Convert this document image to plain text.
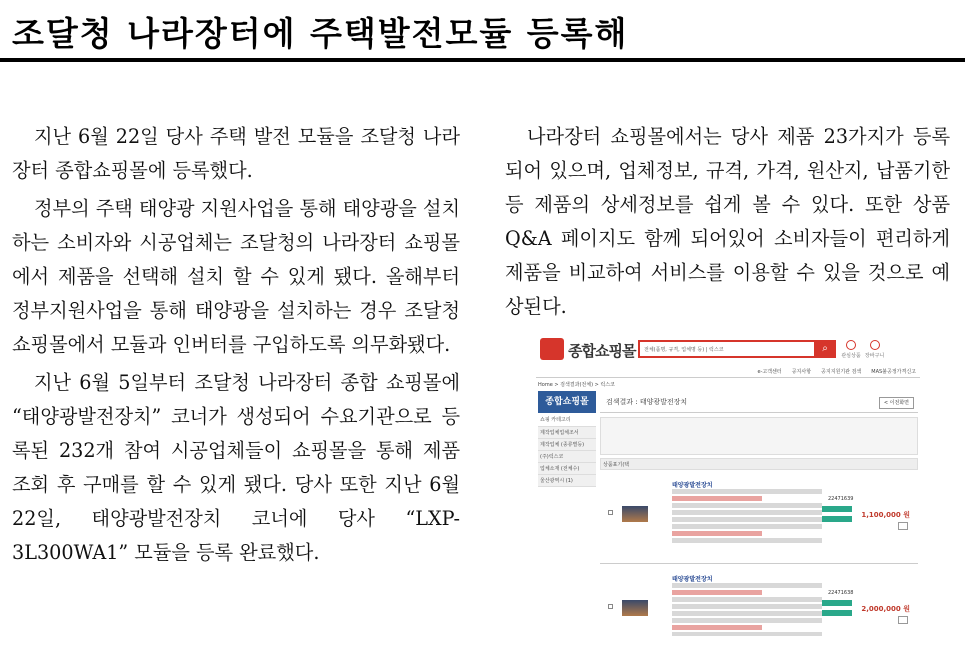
조달청 나라장터에 주택발전모듈 등록해

지난 6월 22일 당사 주택 발전 모듈을 조달청 나라장터 종합쇼핑몰에 등록했다.

정부의 주택 태양광 지원사업을 통해 태양광을 설치하는 소비자와 시공업체는 조달청의 나라장터 쇼핑몰에서 제품을 선택해 설치 할 수 있게 됐다. 올해부터 정부지원사업을 통해 태양광을 설치하는 경우 조달청 쇼핑몰에서 모듈과 인버터를 구입하도록 의무화됐다.

지난 6월 5일부터 조달청 나라장터 종합 쇼핑몰에 “태양광발전장치” 코너가 생성되어 수요기관으로 등록된 232개 참여 시공업체들이 쇼핑몰을 통해 제품 조회 후 구매를 할 수 있게 됐다. 당사 또한 지난 6월 22일, 태양광발전장치 코너에 당사 “LXP-3L300WA1” 모듈을 등록 완료했다.

나라장터 쇼핑몰에서는 당사 제품 23가지가 등록되어 있으며, 업체정보, 규격, 가격, 원산지, 납품기한 등 제품의 상세정보를 쉽게 볼 수 있다. 또한 상품 Q&A 페이지도 함께 되어있어 소비자들이 편리하게 제품을 비교하여 서비스를 이용할 수 있을 것으로 예상된다.

종합쇼핑몰 전체(품명, 규격, 업체명 등) | 럭스코	⌕
관심상품 장바구니
e-고객센터 공지사항 공지지원기관 검색 MAS불공정가격신고
Home > 검색결과(전체) > 럭스코
종합쇼핑몰
쇼핑 카테고리
제작업체업체조서
제작업체 (종류별등)
(주)럭스코
업체소재 (전체수)
울산광역시 (1)
검색결과 : 태양광발전장치	< 이전화면
상품표기(택
태양광발전장치
22471639
1,100,000 원
태양광발전장치
22471638
2,000,000 원
